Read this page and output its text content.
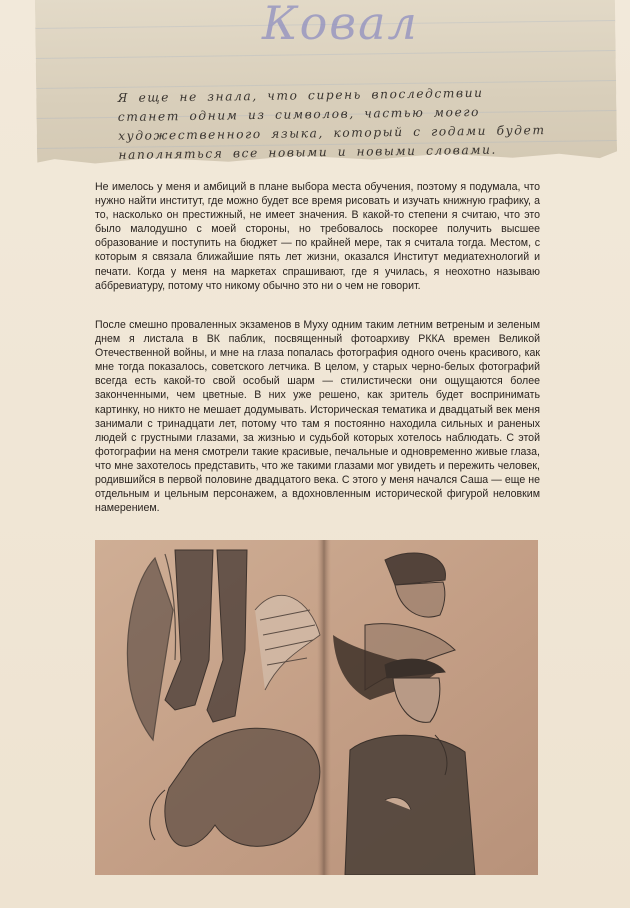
Ковал
Я еще не знала, что сирень впоследствии станет одним из символов, частью моего художественного языка, который с годами будет наполняться все новыми и новыми словами.

Не имелось у меня и амбиций в плане выбора места обучения, поэтому я подумала, что нужно найти институт, где можно будет все время рисовать и изучать книжную графику, а то, насколько он престижный, не имеет значения. В какой-то степени я считаю, что это было малодушно с моей стороны, но требовалось поскорее получить высшее образование и поступить на бюджет — по крайней мере, так я считала тогда. Местом, с которым я связала ближайшие пять лет жизни, оказался Институт медиатехнологий и печати. Когда у меня на маркетах спрашивают, где я училась, я неохотно называю аббревиатуру, потому что никому обычно это ни о чем не говорит.

После смешно проваленных экзаменов в Муху одним таким летним ветреным и зеленым днем я листала в ВК паблик, посвященный фотоархиву РККА времен Великой Отечественной войны, и мне на глаза попалась фотография одного очень красивого, как мне тогда показалось, советского летчика. В целом, у старых черно-белых фотографий всегда есть какой-то свой особый шарм — стилистически они ощущаются более законченными, чем цветные. В них уже решено, как зритель будет воспринимать картинку, но никто не мешает додумывать. Историческая тематика и двадцатый век меня занимали с тринадцати лет, потому что там я постоянно находила сильных и раненых людей с грустными глазами, за жизнью и судьбой которых хотелось наблюдать. С этой фотографии на меня смотрели такие красивые, печальные и одновременно живые глаза, что мне захотелось представить, что же такими глазами мог увидеть и пережить человек, родившийся в первой половине двадцатого века. С этого у меня начался Саша — еще не отдельным и цельным персонажем, а вдохновленным исторической фигурой неловким намерением.
